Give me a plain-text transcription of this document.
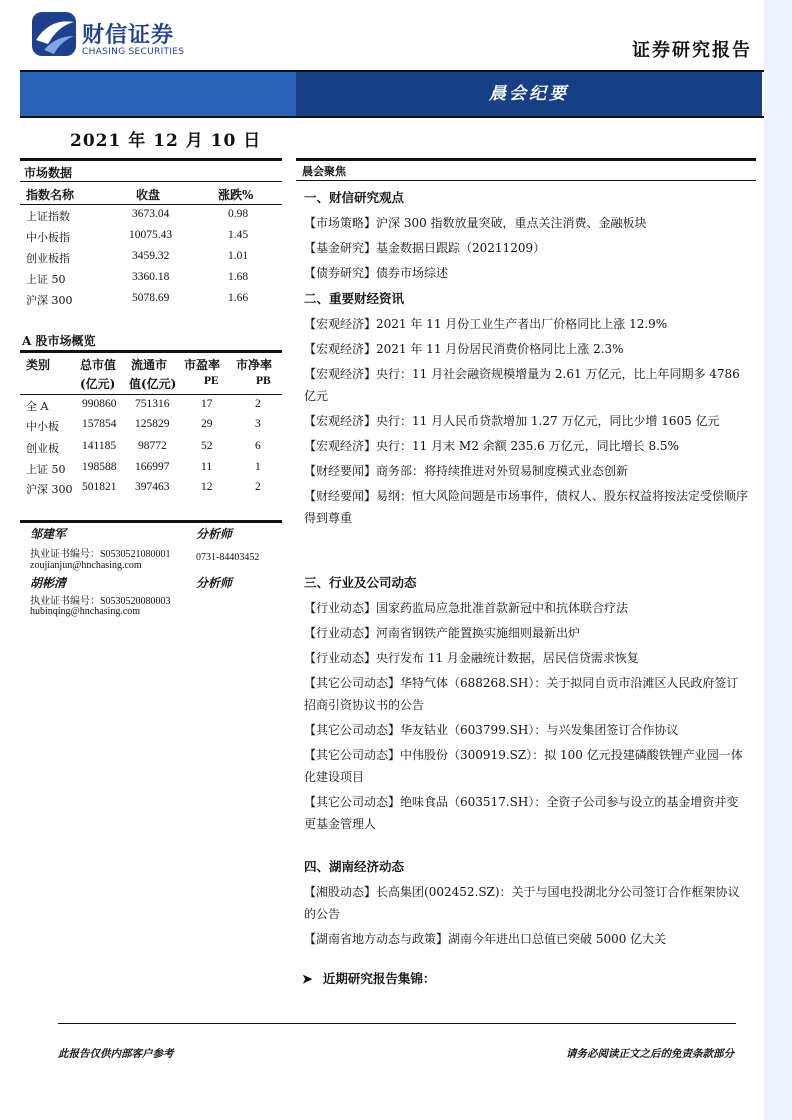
财信证券
CHASING SECURITIES	证券研究报告
晨会纪要
2021 年 12 月 10 日
市场数据
指数名称	收盘	涨跌%
上证指数	3673.04	0.98
中小板指	10075.43	1.45
创业板指	3459.32	1.01
上证 50	3360.18	1.68
沪深 300	5078.69	1.66
A 股市场概览
类别 总市值 流通市 市盈率 市净率
(亿元) 值(亿元) PE	PB
全 A	990860 751316	17	2
中小板 157854 125829	29	3
创业板 141185 98772	52	6
上证 50 198588 166997	11	1
沪深 300 501821 397463	12	2
邹建军	分析师
执业证书编号：S0530521080001
zoujianjun@hnchasing.com
0731-84403452
胡彬清	分析师
执业证书编号：S0530520080003
hubinqing@hnchasing.com
晨会聚焦
一、财信研究观点
【市场策略】沪深 300 指数放量突破，重点关注消费、金融板块
【基金研究】基金数据日跟踪（20211209）
【债券研究】债券市场综述
二、重要财经资讯
【宏观经济】2021 年 11 月份工业生产者出厂价格同比上涨 12.9%
【宏观经济】2021 年 11 月份居民消费价格同比上涨 2.3%
【宏观经济】央行：11 月社会融资规模增量为 2.61 万亿元，比上年同期多 4786 亿元
【宏观经济】央行：11 月人民币贷款增加 1.27 万亿元，同比少增 1605 亿元
【宏观经济】央行：11 月末 M2 余额 235.6 万亿元，同比增长 8.5%
【财经要闻】商务部：将持续推进对外贸易制度模式业态创新
【财经要闻】易纲：恒大风险问题是市场事件，债权人、股东权益将按法定受偿顺序得到尊重
三、行业及公司动态
【行业动态】国家药监局应急批准首款新冠中和抗体联合疗法
【行业动态】河南省钢铁产能置换实施细则最新出炉
【行业动态】央行发布 11 月金融统计数据，居民信贷需求恢复
【其它公司动态】华特气体（688268.SH）：关于拟同自贡市沿滩区人民政府签订招商引资协议书的公告
【其它公司动态】华友钴业（603799.SH）：与兴发集团签订合作协议
【其它公司动态】中伟股份（300919.SZ）：拟 100 亿元投建磷酸铁锂产业园一体化建设项目
【其它公司动态】绝味食品（603517.SH）：全资子公司参与设立的基金增资并变更基金管理人
四、湖南经济动态
【湘股动态】长高集团(002452.SZ)：关于与国电投湖北分公司签订合作框架协议的公告
【湖南省地方动态与政策】湖南今年进出口总值已突破 5000 亿大关
➤ 近期研究报告集锦：
此报告仅供内部客户参考	请务必阅读正文之后的免责条款部分
